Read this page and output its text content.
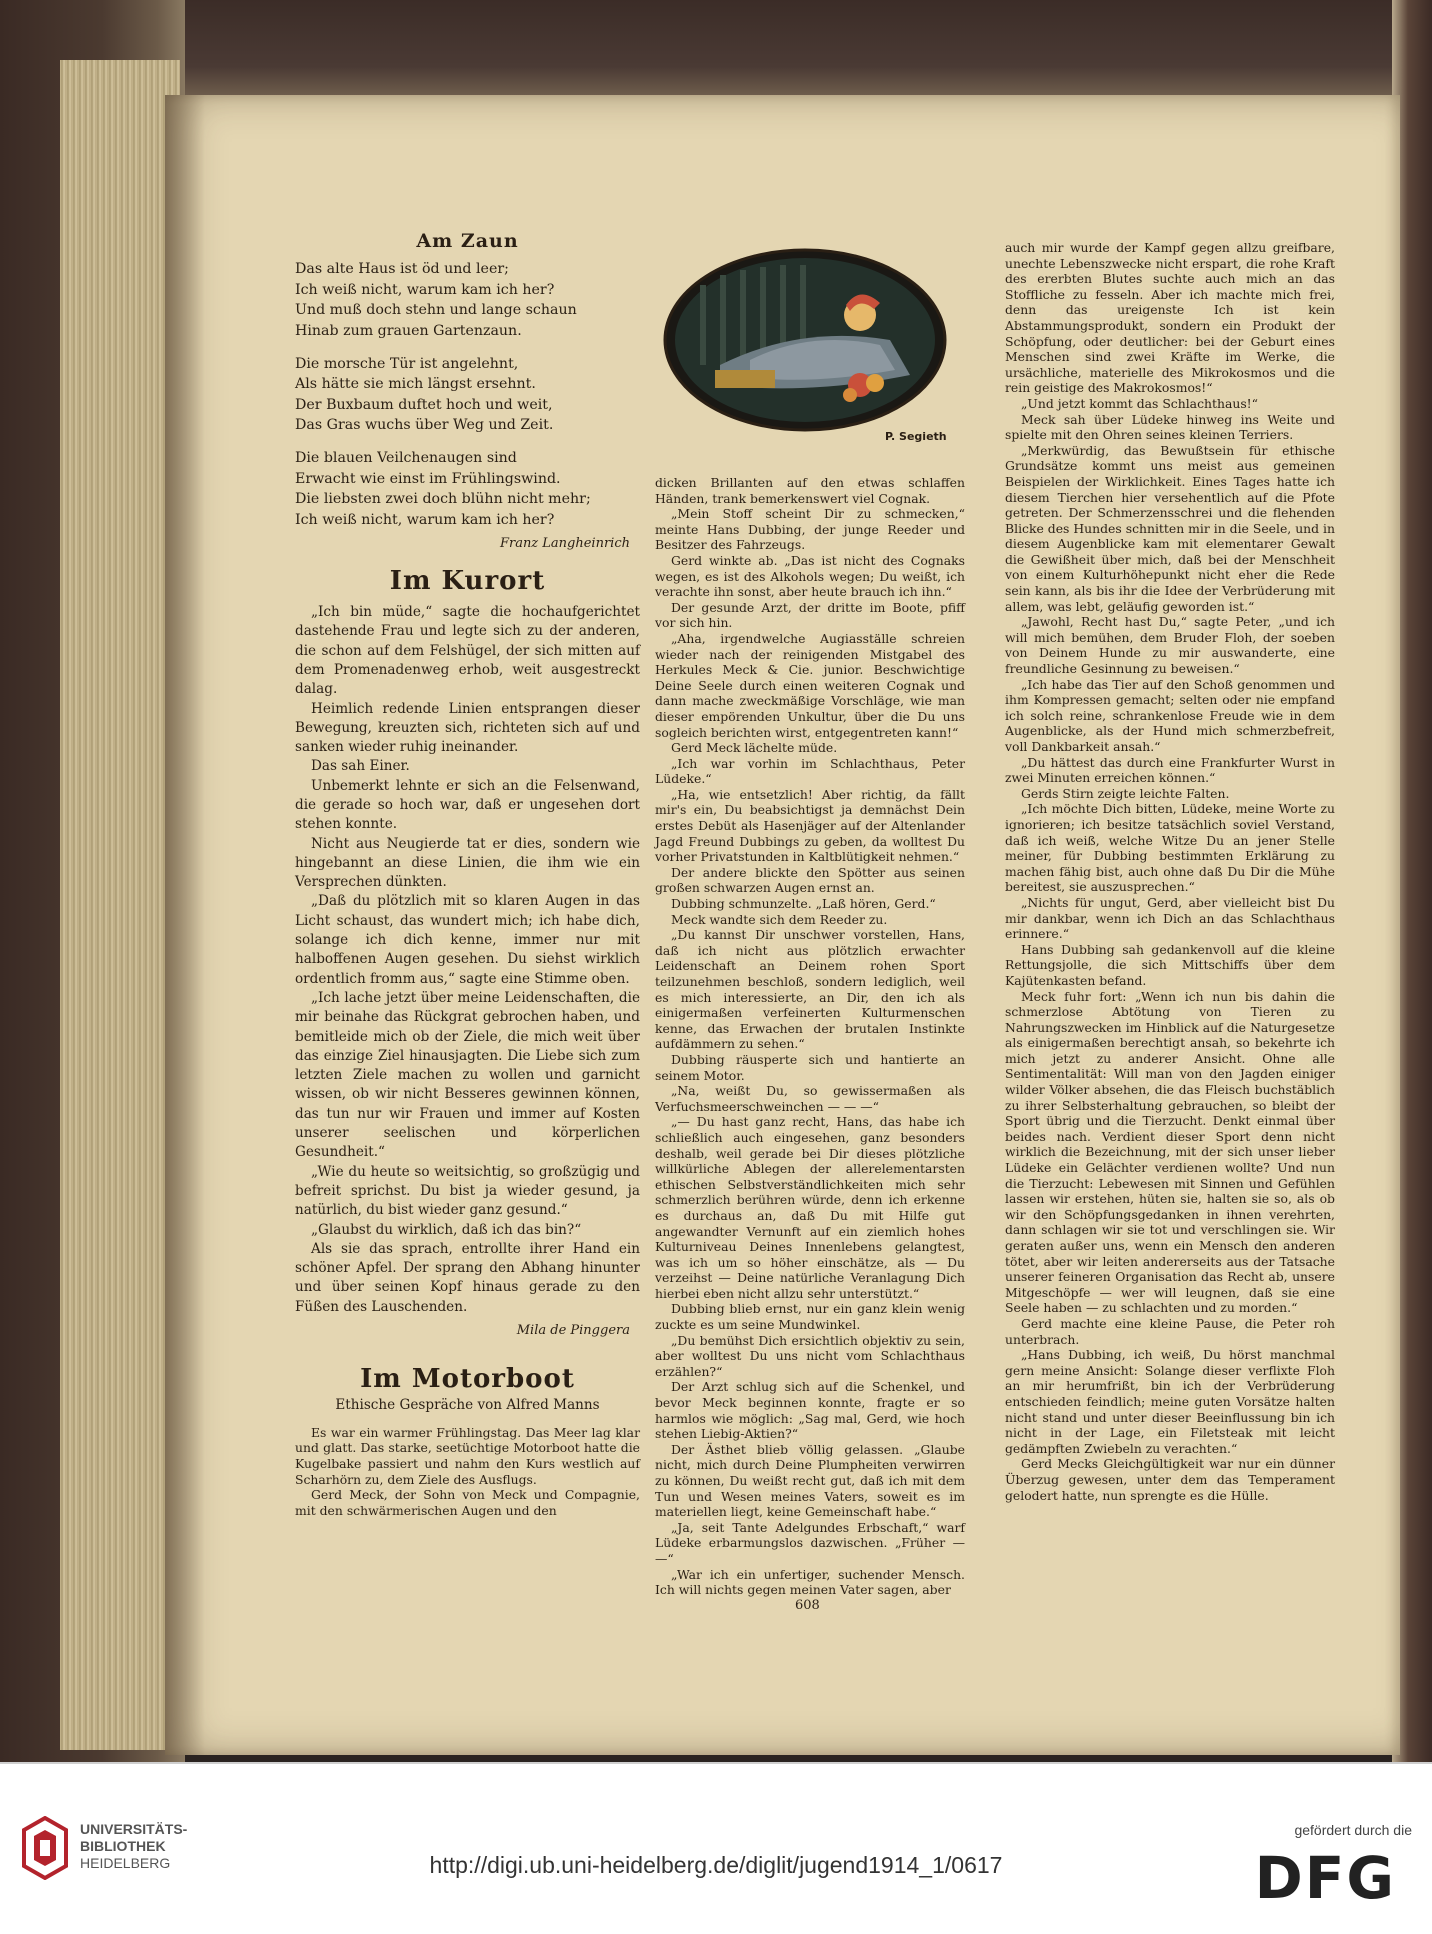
Am Zaun

Das alte Haus ist öd und leer;

Ich weiß nicht, warum kam ich her?

Und muß doch stehn und lange schaun

Hinab zum grauen Gartenzaun.

Die morsche Tür ist angelehnt,

Als hätte sie mich längst ersehnt.

Der Buxbaum duftet hoch und weit,

Das Gras wuchs über Weg und Zeit.

Die blauen Veilchenaugen sind

Erwacht wie einst im Frühlingswind.

Die liebsten zwei doch blühn nicht mehr;

Ich weiß nicht, warum kam ich her?

Franz Langheinrich
Im Kurort

„Ich bin müde,“ sagte die hochaufgerichtet dastehende Frau und legte sich zu der anderen, die schon auf dem Felshügel, der sich mitten auf dem Promenadenweg erhob, weit ausgestreckt dalag.

Heimlich redende Linien entsprangen dieser Bewegung, kreuzten sich, richteten sich auf und sanken wieder ruhig ineinander.

Das sah Einer.

Unbemerkt lehnte er sich an die Felsenwand, die gerade so hoch war, daß er ungesehen dort stehen konnte.

Nicht aus Neugierde tat er dies, sondern wie hingebannt an diese Linien, die ihm wie ein Versprechen dünkten.

„Daß du plötzlich mit so klaren Augen in das Licht schaust, das wundert mich; ich habe dich, solange ich dich kenne, immer nur mit halboffenen Augen gesehen. Du siehst wirklich ordentlich fromm aus,“ sagte eine Stimme oben.

„Ich lache jetzt über meine Leidenschaften, die mir beinahe das Rückgrat gebrochen haben, und bemitleide mich ob der Ziele, die mich weit über das einzige Ziel hinausjagten. Die Liebe sich zum letzten Ziele machen zu wollen und garnicht wissen, ob wir nicht Besseres gewinnen können, das tun nur wir Frauen und immer auf Kosten unserer seelischen und körperlichen Gesundheit.“

„Wie du heute so weitsichtig, so großzügig und befreit sprichst. Du bist ja wieder gesund, ja natürlich, du bist wieder ganz gesund.“

„Glaubst du wirklich, daß ich das bin?“

Als sie das sprach, entrollte ihrer Hand ein schöner Apfel. Der sprang den Abhang hinunter und über seinen Kopf hinaus gerade zu den Füßen des Lauschenden.

Mila de Pinggera
Im Motorboot
Ethische Gespräche von Alfred Manns

Es war ein warmer Frühlingstag. Das Meer lag klar und glatt. Das starke, seetüchtige Motorboot hatte die Kugelbake passiert und nahm den Kurs westlich auf Scharhörn zu, dem Ziele des Ausflugs.

Gerd Meck, der Sohn von Meck und Compagnie, mit den schwärmerischen Augen und den

P. Segieth

dicken Brillanten auf den etwas schlaffen Händen, trank bemerkenswert viel Cognak.

„Mein Stoff scheint Dir zu schmecken,“ meinte Hans Dubbing, der junge Reeder und Besitzer des Fahrzeugs.

Gerd winkte ab. „Das ist nicht des Cognaks wegen, es ist des Alkohols wegen; Du weißt, ich verachte ihn sonst, aber heute brauch ich ihn.“

Der gesunde Arzt, der dritte im Boote, pfiff vor sich hin.

„Aha, irgendwelche Augiasställe schreien wieder nach der reinigenden Mistgabel des Herkules Meck & Cie. junior. Beschwichtige Deine Seele durch einen weiteren Cognak und dann mache zweckmäßige Vorschläge, wie man dieser empörenden Unkultur, über die Du uns sogleich berichten wirst, entgegentreten kann!“

Gerd Meck lächelte müde.

„Ich war vorhin im Schlachthaus, Peter Lüdeke.“

„Ha, wie entsetzlich! Aber richtig, da fällt mir's ein, Du beabsichtigst ja demnächst Dein erstes Debüt als Hasenjäger auf der Altenlander Jagd Freund Dubbings zu geben, da wolltest Du vorher Privatstunden in Kaltblütigkeit nehmen.“

Der andere blickte den Spötter aus seinen großen schwarzen Augen ernst an.

Dubbing schmunzelte. „Laß hören, Gerd.“

Meck wandte sich dem Reeder zu.

„Du kannst Dir unschwer vorstellen, Hans, daß ich nicht aus plötzlich erwachter Leidenschaft an Deinem rohen Sport teilzunehmen beschloß, sondern lediglich, weil es mich interessierte, an Dir, den ich als einigermaßen verfeinerten Kulturmenschen kenne, das Erwachen der brutalen Instinkte aufdämmern zu sehen.“

Dubbing räusperte sich und hantierte an seinem Motor.

„Na, weißt Du, so gewissermaßen als Verfuchsmeerschweinchen — — —“

„— Du hast ganz recht, Hans, das habe ich schließlich auch eingesehen, ganz besonders deshalb, weil gerade bei Dir dieses plötzliche willkürliche Ablegen der allerelementarsten ethischen Selbstverständlichkeiten mich sehr schmerzlich berühren würde, denn ich erkenne es durchaus an, daß Du mit Hilfe gut angewandter Vernunft auf ein ziemlich hohes Kulturniveau Deines Innenlebens gelangtest, was ich um so höher einschätze, als — Du verzeihst — Deine natürliche Veranlagung Dich hierbei eben nicht allzu sehr unterstützt.“

Dubbing blieb ernst, nur ein ganz klein wenig zuckte es um seine Mundwinkel.

„Du bemühst Dich ersichtlich objektiv zu sein, aber wolltest Du uns nicht vom Schlachthaus erzählen?“

Der Arzt schlug sich auf die Schenkel, und bevor Meck beginnen konnte, fragte er so harmlos wie möglich: „Sag mal, Gerd, wie hoch stehen Liebig-Aktien?“

Der Ästhet blieb völlig gelassen. „Glaube nicht, mich durch Deine Plumpheiten verwirren zu können, Du weißt recht gut, daß ich mit dem Tun und Wesen meines Vaters, soweit es im materiellen liegt, keine Gemeinschaft habe.“

„Ja, seit Tante Adelgundes Erbschaft,“ warf Lüdeke erbarmungslos dazwischen. „Früher — —“

„War ich ein unfertiger, suchender Mensch. Ich will nichts gegen meinen Vater sagen, aber

auch mir wurde der Kampf gegen allzu greifbare, unechte Lebenszwecke nicht erspart, die rohe Kraft des ererbten Blutes suchte auch mich an das Stoffliche zu fesseln. Aber ich machte mich frei, denn das ureigenste Ich ist kein Abstammungsprodukt, sondern ein Produkt der Schöpfung, oder deutlicher: bei der Geburt eines Menschen sind zwei Kräfte im Werke, die ursächliche, materielle des Mikrokosmos und die rein geistige des Makrokosmos!“

„Und jetzt kommt das Schlachthaus!“

Meck sah über Lüdeke hinweg ins Weite und spielte mit den Ohren seines kleinen Terriers.

„Merkwürdig, das Bewußtsein für ethische Grundsätze kommt uns meist aus gemeinen Beispielen der Wirklichkeit. Eines Tages hatte ich diesem Tierchen hier versehentlich auf die Pfote getreten. Der Schmerzensschrei und die flehenden Blicke des Hundes schnitten mir in die Seele, und in diesem Augenblicke kam mit elementarer Gewalt die Gewißheit über mich, daß bei der Menschheit von einem Kulturhöhepunkt nicht eher die Rede sein kann, als bis ihr die Idee der Verbrüderung mit allem, was lebt, geläufig geworden ist.“

„Jawohl, Recht hast Du,“ sagte Peter, „und ich will mich bemühen, dem Bruder Floh, der soeben von Deinem Hunde zu mir auswanderte, eine freundliche Gesinnung zu beweisen.“

„Ich habe das Tier auf den Schoß genommen und ihm Kompressen gemacht; selten oder nie empfand ich solch reine, schrankenlose Freude wie in dem Augenblicke, als der Hund mich schmerzbefreit, voll Dankbarkeit ansah.“

„Du hättest das durch eine Frankfurter Wurst in zwei Minuten erreichen können.“

Gerds Stirn zeigte leichte Falten.

„Ich möchte Dich bitten, Lüdeke, meine Worte zu ignorieren; ich besitze tatsächlich soviel Verstand, daß ich weiß, welche Witze Du an jener Stelle meiner, für Dubbing bestimmten Erklärung zu machen fähig bist, auch ohne daß Du Dir die Mühe bereitest, sie auszusprechen.“

„Nichts für ungut, Gerd, aber vielleicht bist Du mir dankbar, wenn ich Dich an das Schlachthaus erinnere.“

Hans Dubbing sah gedankenvoll auf die kleine Rettungsjolle, die sich Mittschiffs über dem Kajütenkasten befand.

Meck fuhr fort: „Wenn ich nun bis dahin die schmerzlose Abtötung von Tieren zu Nahrungszwecken im Hinblick auf die Naturgesetze als einigermaßen berechtigt ansah, so bekehrte ich mich jetzt zu anderer Ansicht. Ohne alle Sentimentalität: Will man von den Jagden einiger wilder Völker absehen, die das Fleisch buchstäblich zu ihrer Selbsterhaltung gebrauchen, so bleibt der Sport übrig und die Tierzucht. Denkt einmal über beides nach. Verdient dieser Sport denn nicht wirklich die Bezeichnung, mit der sich unser lieber Lüdeke ein Gelächter verdienen wollte? Und nun die Tierzucht: Lebewesen mit Sinnen und Gefühlen lassen wir erstehen, hüten sie, halten sie so, als ob wir den Schöpfungsgedanken in ihnen verehrten, dann schlagen wir sie tot und verschlingen sie. Wir geraten außer uns, wenn ein Mensch den anderen tötet, aber wir leiten andererseits aus der Tatsache unserer feineren Organisation das Recht ab, unsere Mitgeschöpfe — wer will leugnen, daß sie eine Seele haben — zu schlachten und zu morden.“

Gerd machte eine kleine Pause, die Peter roh unterbrach.

„Hans Dubbing, ich weiß, Du hörst manchmal gern meine Ansicht: Solange dieser verflixte Floh an mir herumfrißt, bin ich der Verbrüderung entschieden feindlich; meine guten Vorsätze halten nicht stand und unter dieser Beeinflussung bin ich nicht in der Lage, ein Filetsteak mit leicht gedämpften Zwiebeln zu verachten.“

Gerd Mecks Gleichgültigkeit war nur ein dünner Überzug gewesen, unter dem das Temperament gelodert hatte, nun sprengte es die Hülle.

608
UNIVERSITÄTS-
BIBLIOTHEK
HEIDELBERG	http://digi.ub.uni-heidelberg.de/diglit/jugend1914_1/0617
gefördert durch die
DFG
